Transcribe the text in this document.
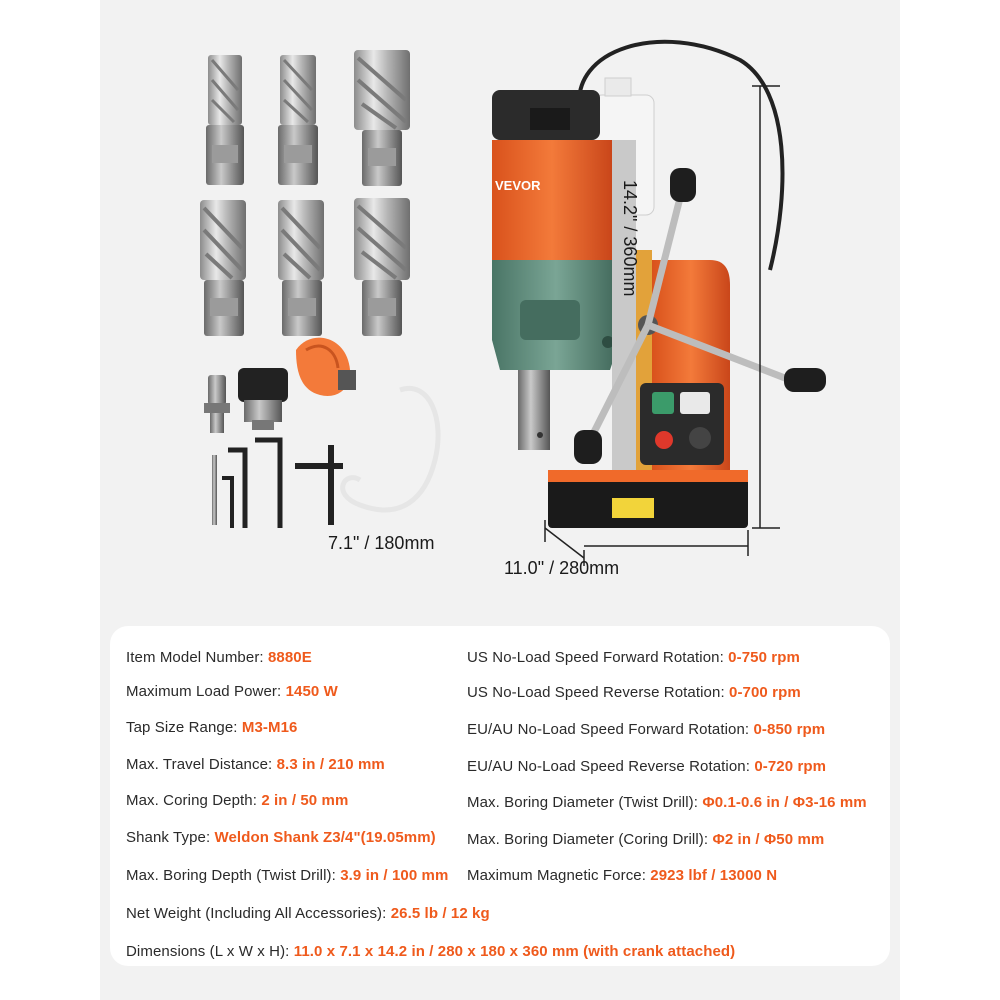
VEVOR	14.2" / 360mm
7.1" / 180mm
11.0" / 280mm
Item Model Number: 8880E
Maximum Load Power: 1450 W
Tap Size Range: M3-M16
Max. Travel Distance: 8.3 in / 210 mm
Max. Coring Depth: 2 in / 50 mm
Shank Type: Weldon Shank Z3/4"(19.05mm)
Max. Boring Depth (Twist Drill): 3.9 in / 100 mm
Net Weight (Including All Accessories): 26.5 lb / 12 kg
Dimensions (L x W x H): 11.0 x 7.1 x 14.2 in / 280 x 180 x 360 mm (with crank attached)
US No-Load Speed Forward Rotation: 0-750 rpm
US No-Load Speed Reverse Rotation: 0-700 rpm
EU/AU No-Load Speed Forward Rotation: 0-850 rpm
EU/AU No-Load Speed Reverse Rotation: 0-720 rpm
Max. Boring Diameter (Twist Drill): Φ0.1-0.6 in / Φ3-16 mm
Max. Boring Diameter (Coring Drill): Φ2 in / Φ50 mm
Maximum Magnetic Force: 2923 lbf / 13000 N
